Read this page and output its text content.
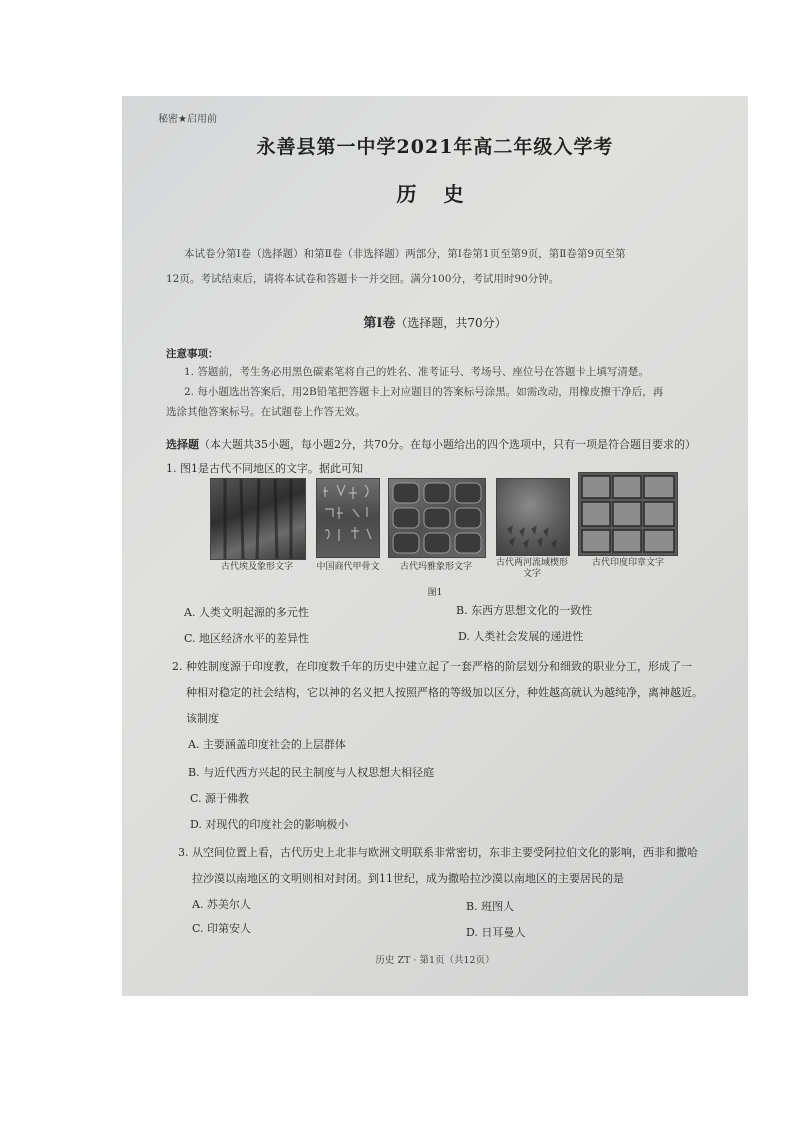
秘密★启用前
永善县第一中学2021年高二年级入学考
历 史
本试卷分第Ⅰ卷（选择题）和第Ⅱ卷（非选择题）两部分，第Ⅰ卷第1页至第9页，第Ⅱ卷第9页至第
12页。考试结束后，请将本试卷和答题卡一并交回。满分100分，考试用时90分钟。
第Ⅰ卷（选择题，共70分）
注意事项：
1. 答题前，考生务必用黑色碳素笔将自己的姓名、准考证号、考场号、座位号在答题卡上填写清楚。
2. 每小题选出答案后，用2B铅笔把答题卡上对应题目的答案标号涂黑。如需改动，用橡皮擦干净后，再
选涂其他答案标号。在试题卷上作答无效。
选择题（本大题共35小题，每小题2分，共70分。在每小题给出的四个选项中，只有一项是符合题目要求的）
1. 图1是古代不同地区的文字。据此可知
古代埃及象形文字	中国商代甲骨文	古代玛雅象形文字	古代两河流域楔形文字
古代印度印章文字
图1
A. 人类文明起源的多元性	B. 东西方思想文化的一致性
C. 地区经济水平的差异性	D. 人类社会发展的递进性
2. 种姓制度源于印度教，在印度数千年的历史中建立起了一套严格的阶层划分和细致的职业分工，形成了一
种相对稳定的社会结构，它以神的名义把人按照严格的等级加以区分，种姓越高就认为越纯净，离神越近。
该制度
A. 主要涵盖印度社会的上层群体
B. 与近代西方兴起的民主制度与人权思想大相径庭
C. 源于佛教
D. 对现代的印度社会的影响极小
3. 从空间位置上看，古代历史上北非与欧洲文明联系非常密切，东非主要受阿拉伯文化的影响，西非和撒哈
拉沙漠以南地区的文明则相对封闭。到11世纪，成为撒哈拉沙漠以南地区的主要居民的是
A. 苏美尔人	B. 班图人
C. 印第安人	D. 日耳曼人
历史 ZT · 第1页（共12页）
